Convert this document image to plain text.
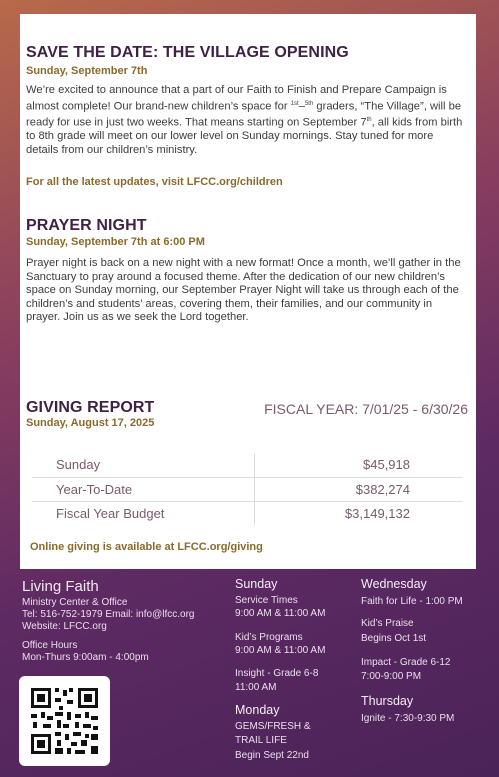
SAVE THE DATE: THE VILLAGE OPENING
Sunday, September 7th
We’re excited to announce that a part of our Faith to Finish and Prepare Campaign is almost complete! Our brand-new children’s space for $^{1st}$–$^{5th}$ graders, “The Village”, will be ready for use in just two weeks. That means starting on September 7th, all kids from birth to 8th grade will meet on our lower level on Sunday mornings. Stay tuned for more details from our children’s ministry.
For all the latest updates, visit LFCC.org/children
PRAYER NIGHT
Sunday, September 7th at 6:00 PM
Prayer night is back on a new night with a new format! Once a month, we’ll gather in the Sanctuary to pray around a focused theme. After the dedication of our new children’s space on Sunday morning, our September Prayer Night will take us through each of the children’s and students’ areas, covering them, their families, and our community in prayer. Join us as we seek the Lord together.
GIVING REPORT
Sunday, August 17, 2025
FISCAL YEAR: 7/01/25 - 6/30/26
Sunday	$45,918
Year-To-Date	$382,274
Fiscal Year Budget	$3,149,132
Online giving is available at LFCC.org/giving
Living Faith
Ministry Center & Office
Tel: 516-752-1979 Email: info@lfcc.org
Website: LFCC.org
Office Hours
Mon-Thurs 9:00am - 4:00pm
Sunday
Service Times
9:00 AM & 11:00 AM
Kid’s Programs
9:00 AM & 11:00 AM
Insight - Grade 6-8
11:00 AM
Monday
GEMS/FRESH &
TRAIL LIFE
Begin Sept 22nd
Wednesday
Faith for Life - 1:00 PM
Kid’s Praise
Begins Oct 1st
Impact - Grade 6-12
7:00-9:00 PM
Thursday
Ignite - 7:30-9:30 PM
